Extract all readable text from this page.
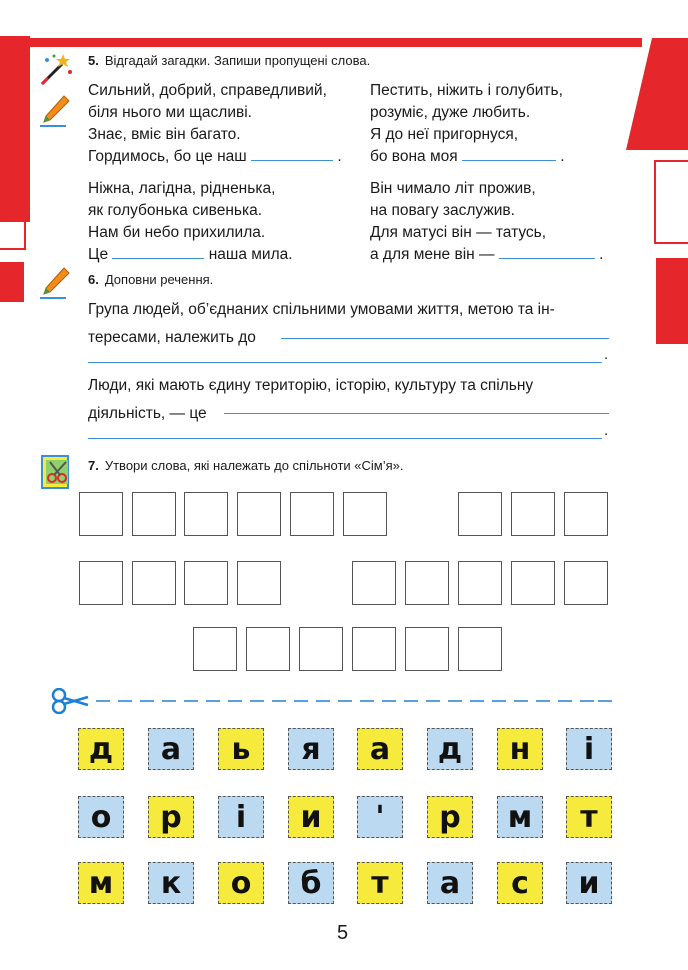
5. Відгадай загадки. Запиши пропущені слова.
Сильний, добрий, справедливий,
біля нього ми щасливі.
Знає, вміє він багато.
Гордимось, бо це наш	.
Пестить, ніжить і голубить,
розуміє, дуже любить.
Я до неї пригорнуся,
бо вона моя	.
Ніжна, лагідна, рідненька,
як голубонька сивенька.
Нам би небо прихилила.
Це	наша мила.
Він чимало літ прожив,
на повагу заслужив.
Для матусі він — татусь,
а для мене він —	.
6. Доповни речення.
Група людей, об’єднаних спільними умовами життя, метою та ін-
тересами, належить до
.
Люди, які мають єдину територію, історію, культуру та спільну
діяльність, — це
.
7. Утвори слова, які належать до спільноти «Сім’я».
д	а	ь	я	а	д	н	і
о	р	і	и	'	р	м	т
м	к	о	б	т	а	с	и
5
